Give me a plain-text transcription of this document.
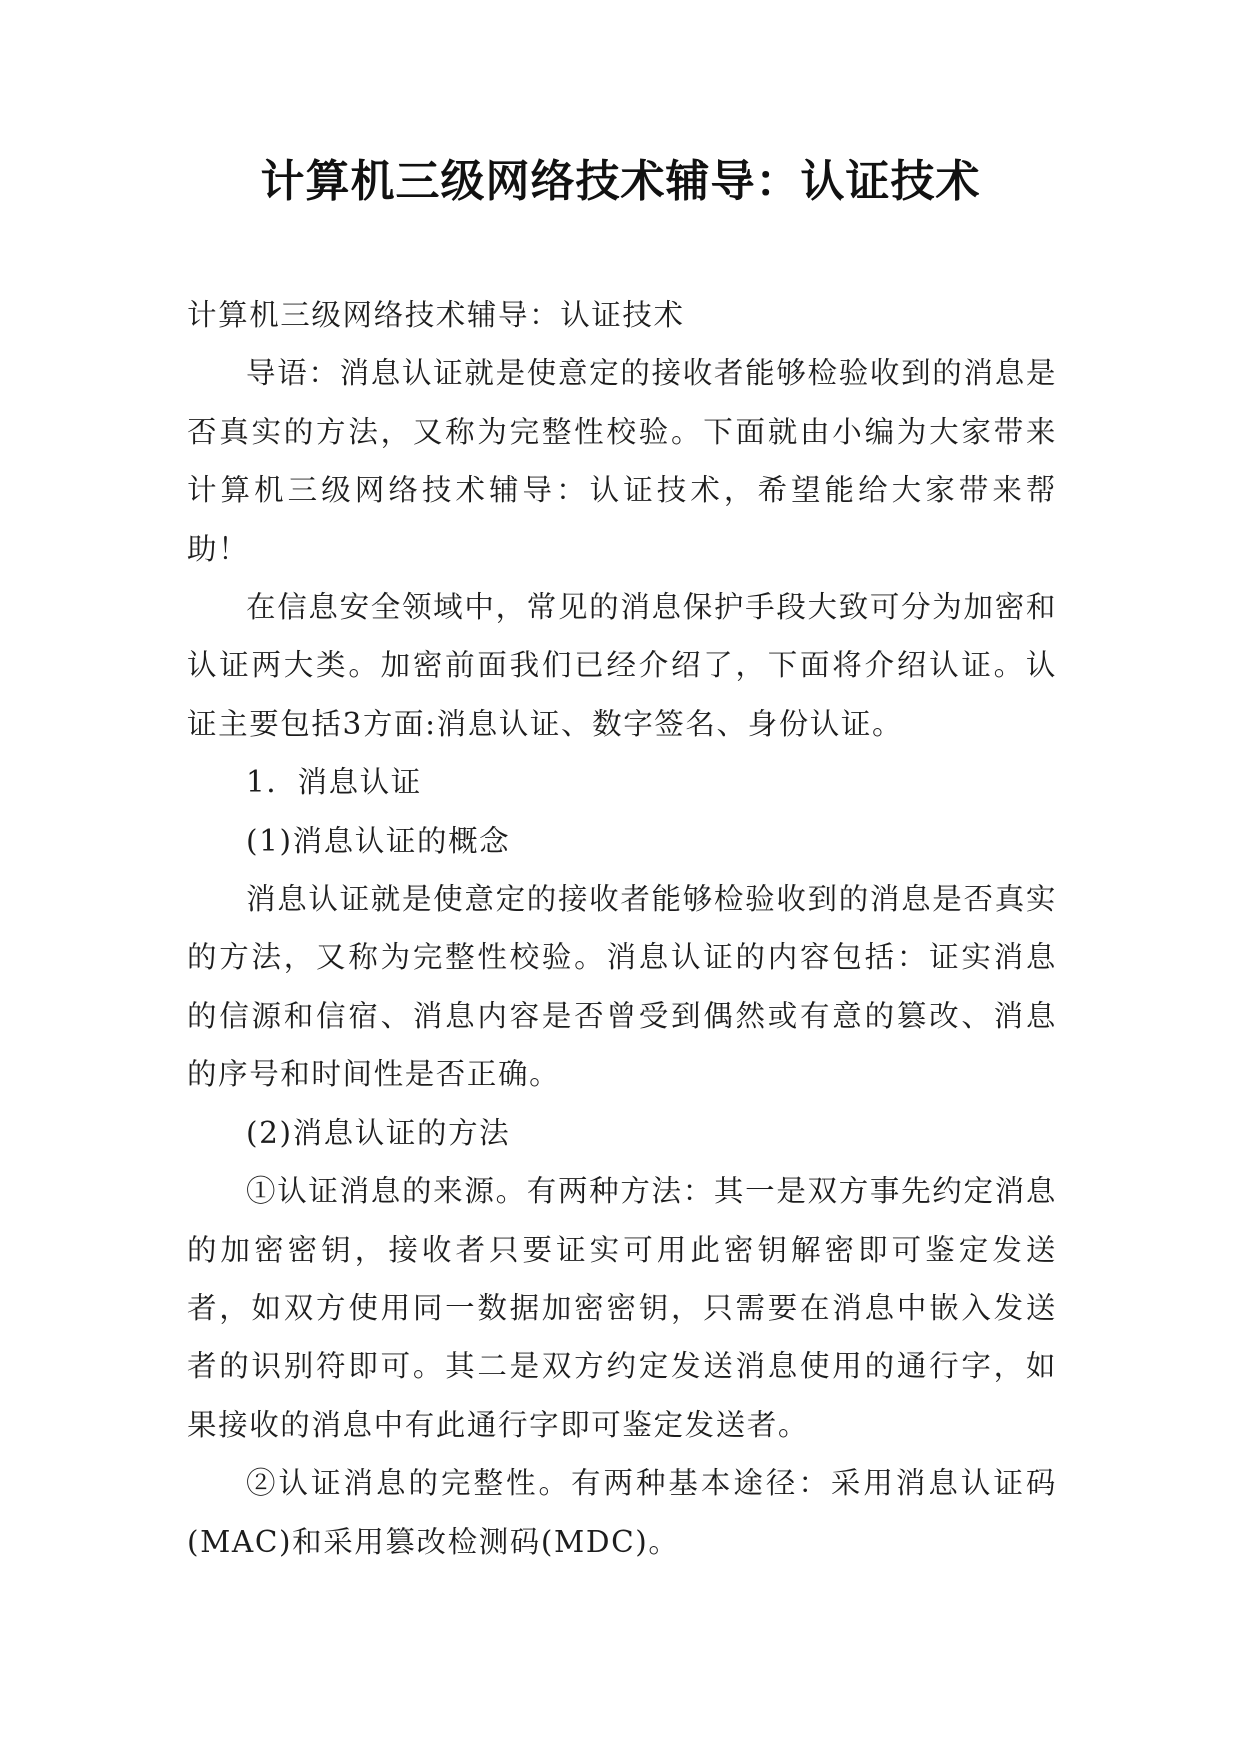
计算机三级网络技术辅导：认证技术

计算机三级网络技术辅导：认证技术

导语：消息认证就是使意定的接收者能够检验收到的消息是否真实的方法，又称为完整性校验。下面就由小编为大家带来计算机三级网络技术辅导：认证技术，希望能给大家带来帮助！

在信息安全领域中，常见的消息保护手段大致可分为加密和认证两大类。加密前面我们已经介绍了，下面将介绍认证。认证主要包括3方面:消息认证、数字签名、身份认证。

1．消息认证

(1)消息认证的概念

消息认证就是使意定的接收者能够检验收到的消息是否真实的方法，又称为完整性校验。消息认证的内容包括：证实消息的信源和信宿、消息内容是否曾受到偶然或有意的篡改、消息的序号和时间性是否正确。

(2)消息认证的方法

①认证消息的来源。有两种方法：其一是双方事先约定消息的加密密钥，接收者只要证实可用此密钥解密即可鉴定发送者，如双方使用同一数据加密密钥，只需要在消息中嵌入发送者的识别符即可。其二是双方约定发送消息使用的通行字，如果接收的消息中有此通行字即可鉴定发送者。

②认证消息的完整性。有两种基本途径：采用消息认证码(MAC)和采用篡改检测码(MDC)。
